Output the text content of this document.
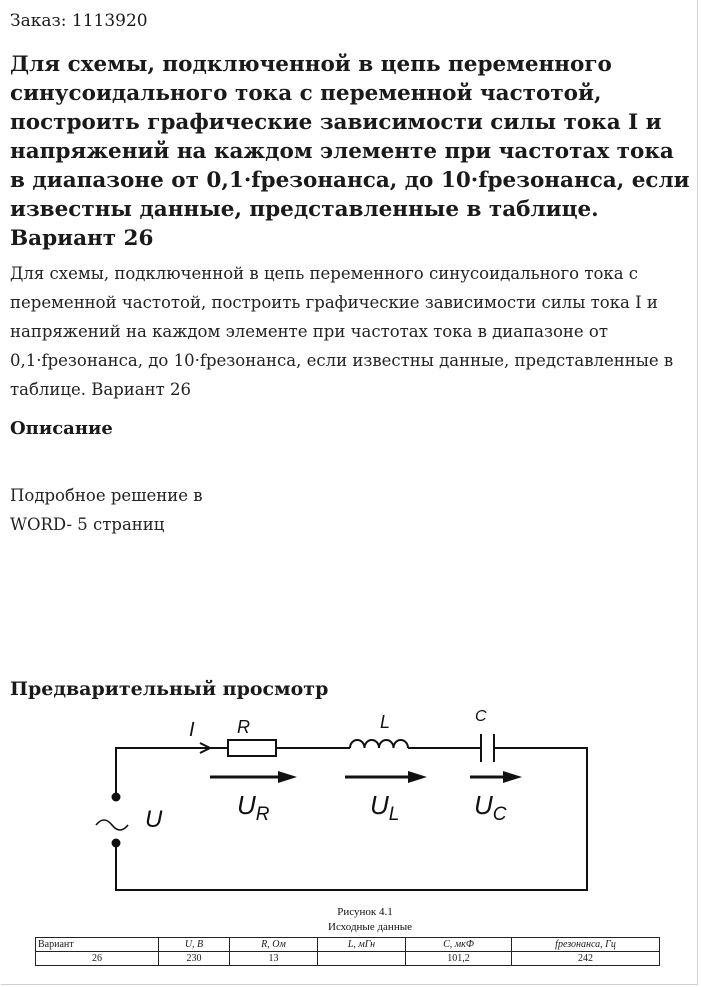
Заказ: 1113920
Для схемы, подключенной в цепь переменного синусоидального тока с переменной частотой, построить графические зависимости силы тока I и напряжений на каждом элементе при частотах тока в диапазоне от 0,1·fрезонанса, до 10·fрезонанса, если известны данные, представленные в таблице. Вариант 26

Для схемы, подключенной в цепь переменного синусоидального тока с переменной частотой, построить графические зависимости силы тока I и напряжений на каждом элементе при частотах тока в диапазоне от 0,1·fрезонанса, до 10·fрезонанса, если известны данные, представленные в таблице. Вариант 26

Описание
Подробное решение в
WORD- 5 страниц
Предварительный просмотр
I R	L	C
U	$U_R$	$U_L$	$U_C$
Рисунок 4.1
Исходные данные
Вариант	U, В	R, Ом	L, мГн	C, мкФ	fрезонанса, Гц
26	230	13		101,2	242
